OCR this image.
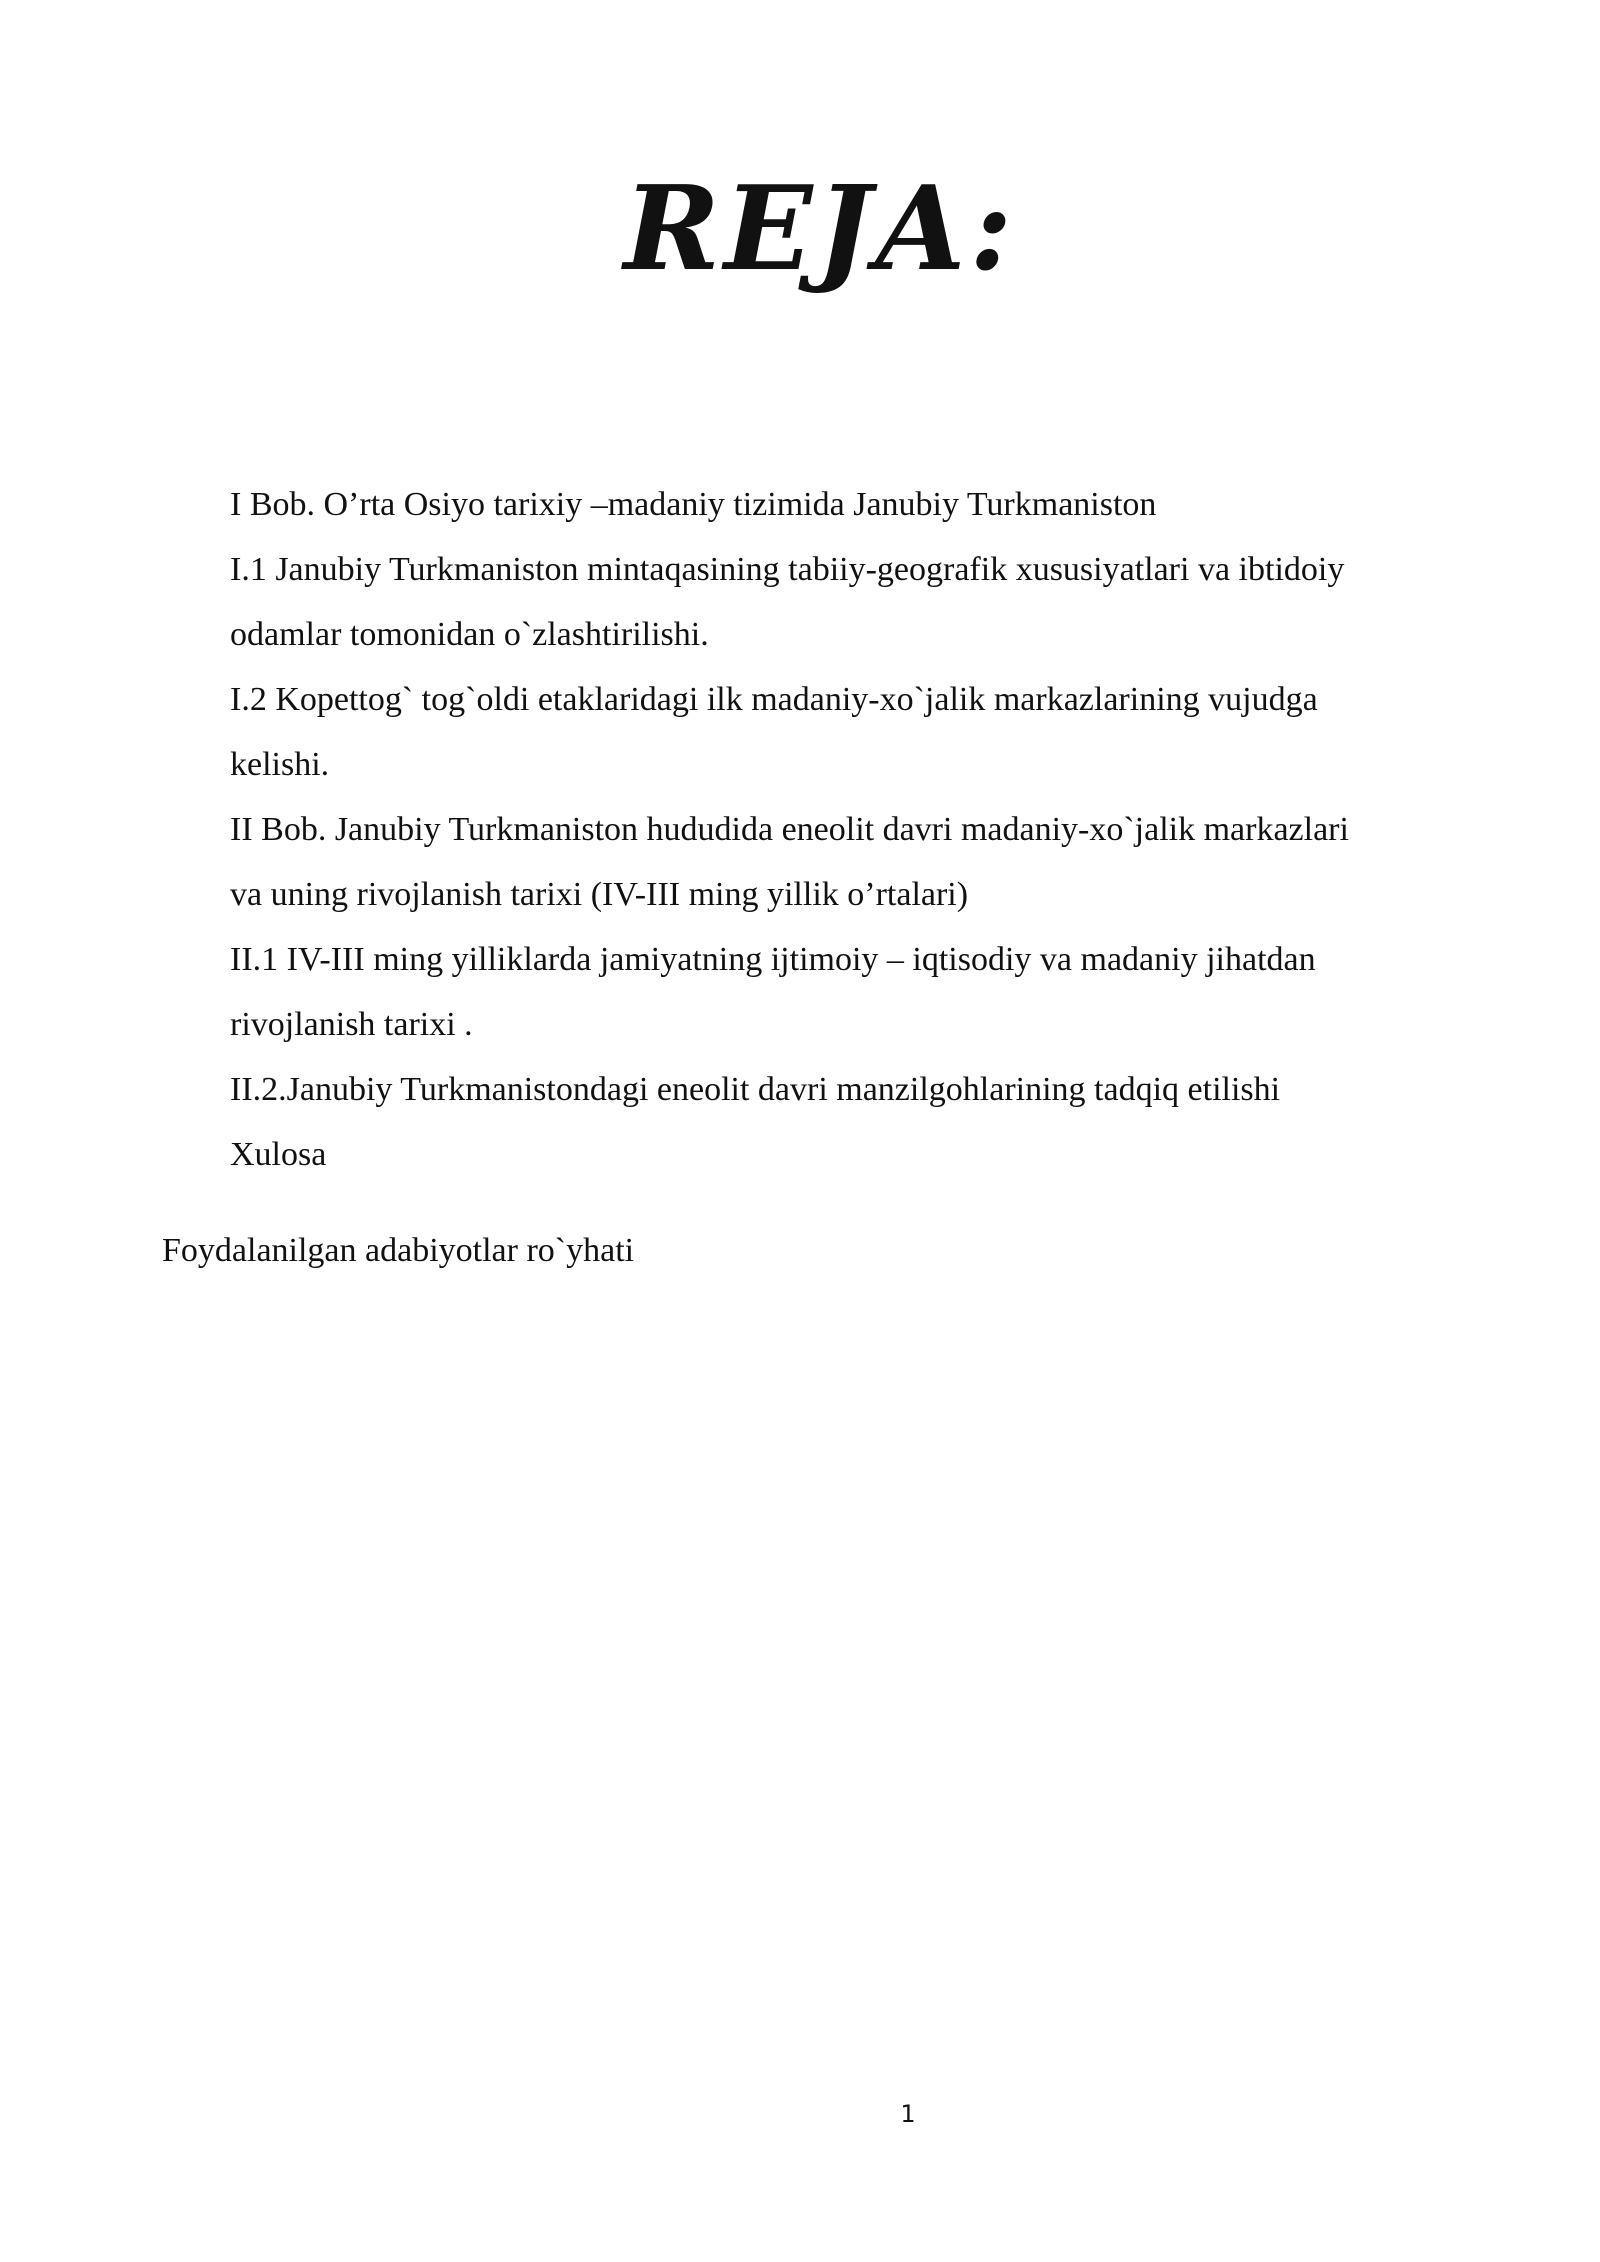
REJA:
I Bob. O’rta Osiyo tarixiy –madaniy tizimida Janubiy Turkmaniston
I.1 Janubiy Turkmaniston mintaqasining tabiiy-geografik xususiyatlari va ibtidoiy
odamlar tomonidan o`zlashtirilishi.
I.2 Kopettog` tog`oldi etaklaridagi ilk madaniy-xo`jalik markazlarining vujudga
kelishi.
II Bob. Janubiy Turkmaniston hududida eneolit davri madaniy-xo`jalik markazlari
va uning rivojlanish tarixi (IV-III ming yillik o’rtalari)
II.1 IV-III ming yilliklarda jamiyatning ijtimoiy – iqtisodiy va madaniy jihatdan
rivojlanish tarixi .
II.2.Janubiy Turkmanistondagi eneolit davri manzilgohlarining tadqiq etilishi
Xulosa

Foydalanilgan adabiyotlar ro`yhati

1
